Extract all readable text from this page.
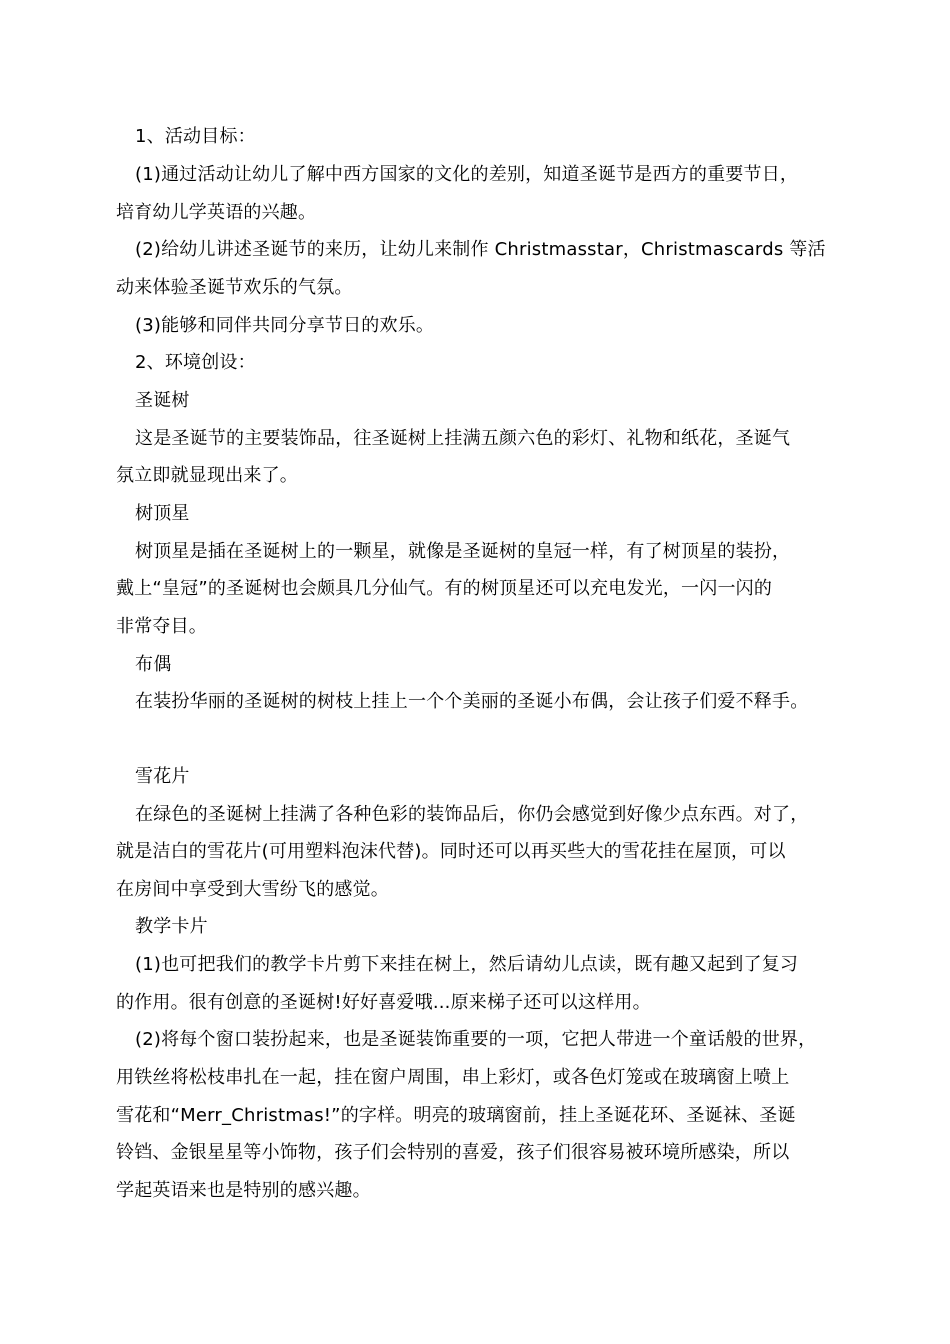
1、活动目标：
(1)通过活动让幼儿了解中西方国家的文化的差别，知道圣诞节是西方的重要节日，
培育幼儿学英语的兴趣。
(2)给幼儿讲述圣诞节的来历，让幼儿来制作 Christmasstar，Christmascards 等活
动来体验圣诞节欢乐的气氛。
(3)能够和同伴共同分享节日的欢乐。
2、环境创设：
圣诞树
这是圣诞节的主要装饰品，往圣诞树上挂满五颜六色的彩灯、礼物和纸花，圣诞气
氛立即就显现出来了。
树顶星
树顶星是插在圣诞树上的一颗星，就像是圣诞树的皇冠一样，有了树顶星的装扮，
戴上“皇冠”的圣诞树也会颇具几分仙气。有的树顶星还可以充电发光，一闪一闪的
非常夺目。
布偶
在装扮华丽的圣诞树的树枝上挂上一个个美丽的圣诞小布偶，会让孩子们爱不释手。
雪花片
在绿色的圣诞树上挂满了各种色彩的装饰品后，你仍会感觉到好像少点东西。对了，
就是洁白的雪花片(可用塑料泡沫代替)。同时还可以再买些大的雪花挂在屋顶，可以
在房间中享受到大雪纷飞的感觉。
教学卡片
(1)也可把我们的教学卡片剪下来挂在树上，然后请幼儿点读，既有趣又起到了复习
的作用。很有创意的圣诞树!好好喜爱哦...原来梯子还可以这样用。
(2)将每个窗口装扮起来，也是圣诞装饰重要的一项，它把人带进一个童话般的世界，
用铁丝将松枝串扎在一起，挂在窗户周围，串上彩灯，或各色灯笼或在玻璃窗上喷上
雪花和“Merr_Christmas!”的字样。明亮的玻璃窗前，挂上圣诞花环、圣诞袜、圣诞
铃铛、金银星星等小饰物，孩子们会特别的喜爱，孩子们很容易被环境所感染，所以
学起英语来也是特别的感兴趣。
